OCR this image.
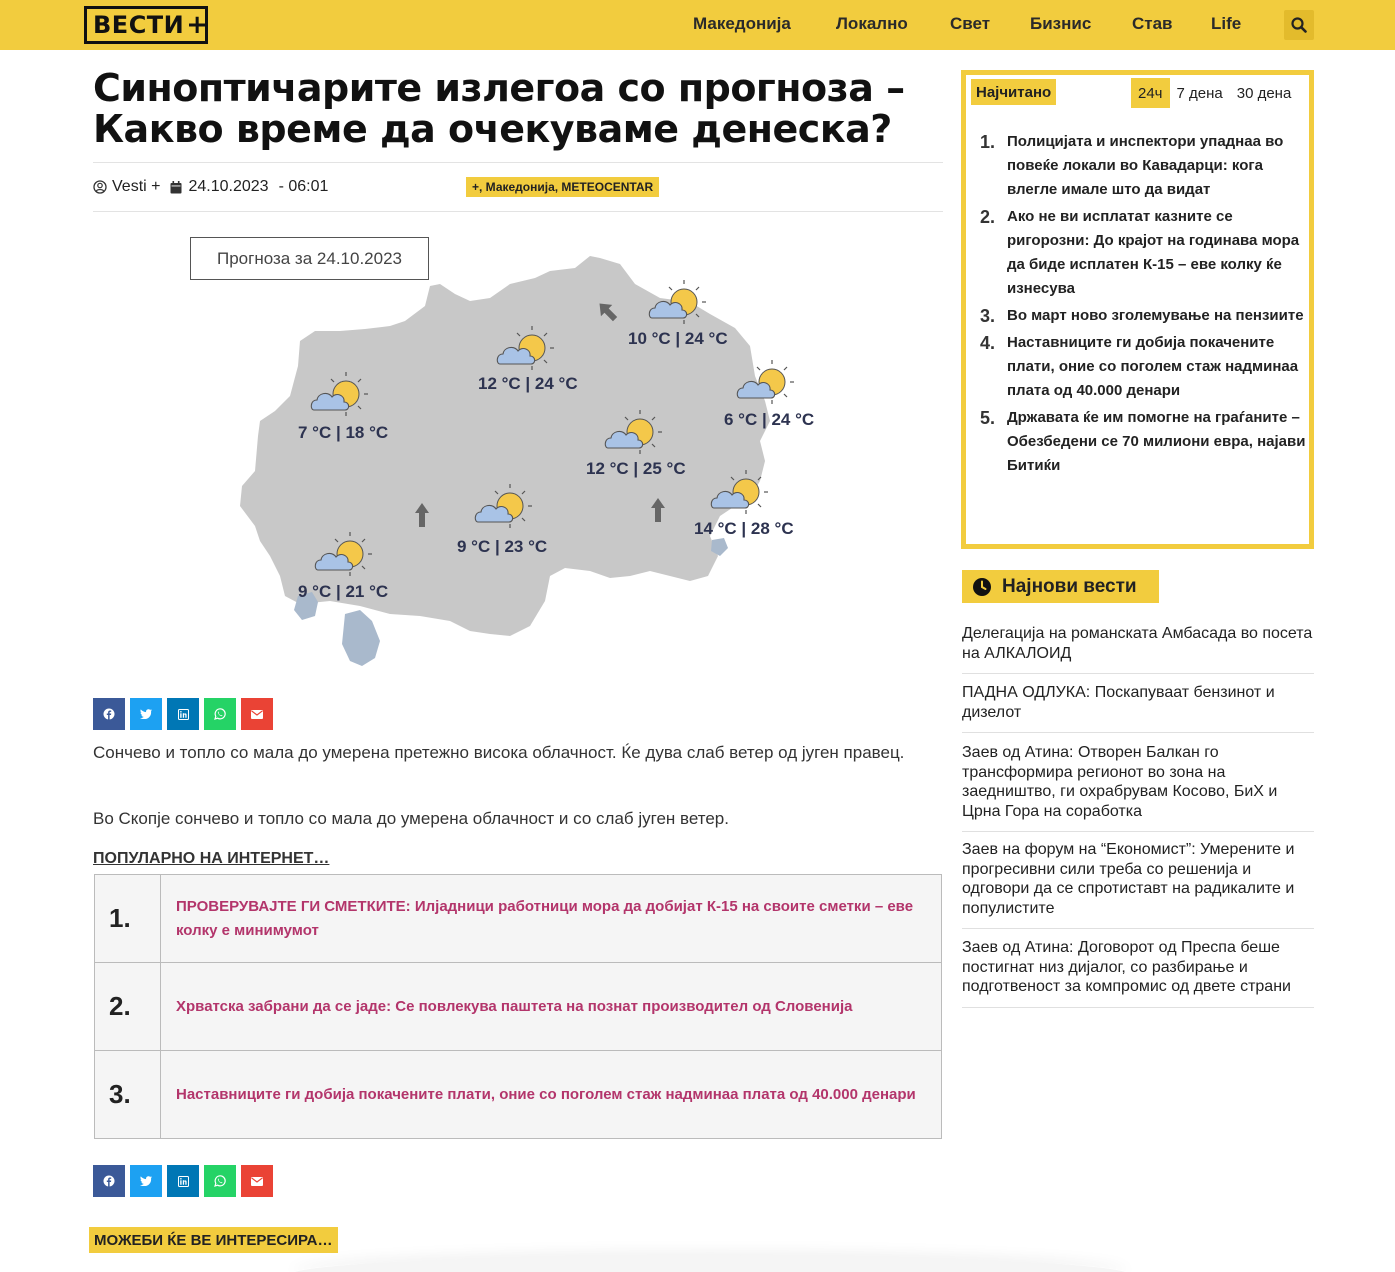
ВЕСТИ +	Македонија	Локално Свет Бизнис Став Life
Синоптичарите излегоа со прогноза – Какво време да очекуваме денеска?
Vesti + 24.10.2023 - 06:01	+, Македонија, METEOCENTAR
10 °C | 24 °C
12 °C | 24 °C
7 °C | 18 °C
6 °C | 24 °C
12 °C | 25 °C
14 °C | 28 °C
9 °C | 23 °C
9 °C | 21 °C
Прогноза за 24.10.2023

Сончево и топло со мала до умерена претежно висока облачност. Ќе дува слаб ветер од југен правец.

Во Скопје сончево и топло со мала до умерена облачност и со слаб југен ветер.

ПОПУЛАРНО НА ИНТЕРНЕТ…
1.	ПРОВЕРУВАЈТЕ ГИ СМЕТКИТЕ: Илјадници работници мора да добијат К-15 на своите сметки – еве колку е минимумот
2.	Хрватска забрани да се јаде: Се повлекува паштета на познат производител од Словенија
3.	Наставниците ги добија покачените плати, оние со поголем стаж надминаа плата од 40.000 денари
МОЖЕБИ ЌЕ ВЕ ИНТЕРЕСИРА…
Најчитано	24ч 7 дена 30 дена
1. Полицијата и инспектори упаднаа во повеќе локали во Кавадарци: кога влегле имале што да видат
2. Ако не ви исплатат казните се ригорозни: До крајот на годинава мора да биде исплатен К-15 – еве колку ќе изнесува
3. Во март ново зголемување на пензиите
4. Наставниците ги добија покачените плати, оние со поголем стаж надминаа плата од 40.000 денари
5. Државата ќе им помогне на граѓаните – Обезбедени се 70 милиони евра, најави Битиќи
Најнови вести
Делегација на романската Амбасада во посета на АЛКАЛОИД
ПАДНА ОДЛУКА: Поскапуваат бензинот и дизелот
Заев од Атина: Отворен Балкан го трансформира регионот во зона на заедништво, ги охрабрувам Косово, БиХ и Црна Гора на соработка
Заев на форум на “Економист”: Умерените и прогресивни сили треба со решенија и одговори да се спротиставт на радикалите и популистите
Заев од Атина: Договорот од Преспа беше постигнат низ дијалог, со разбирање и подготвеност за компромис од двете страни
